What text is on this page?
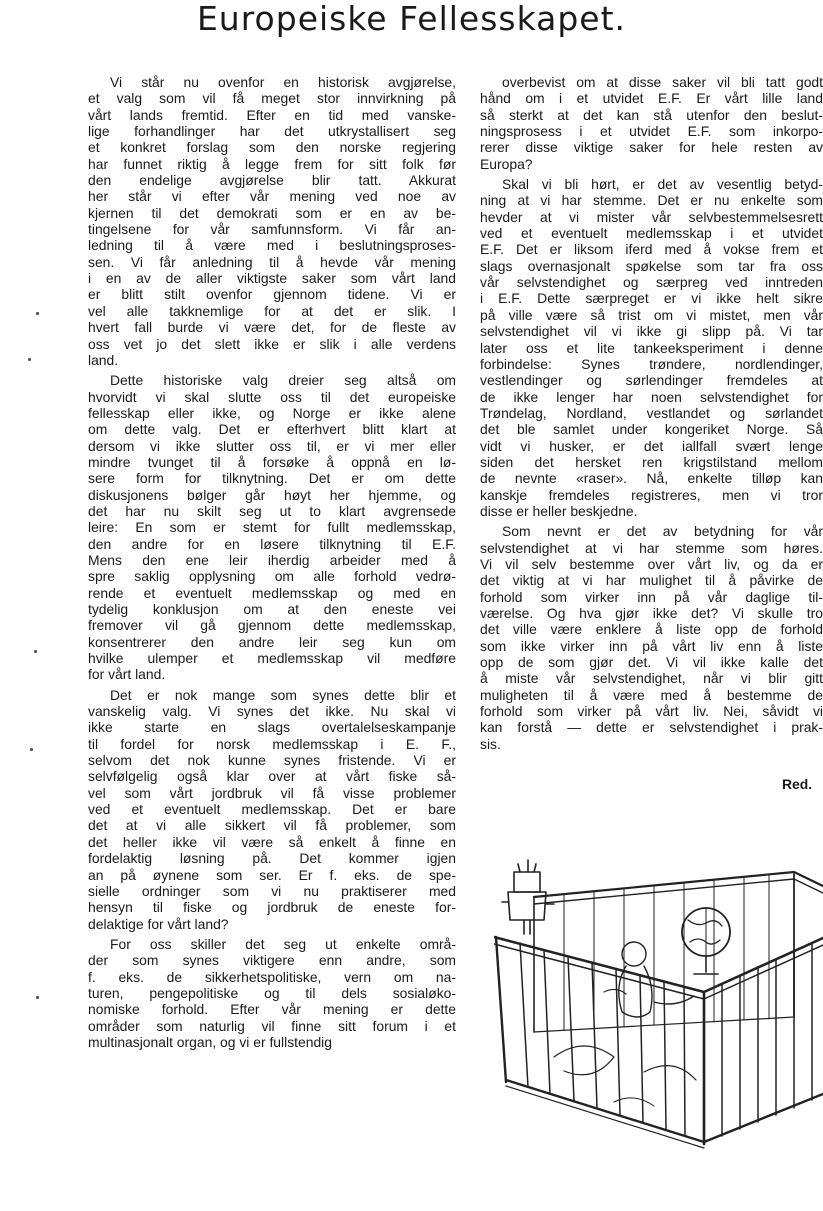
Europeiske Fellesskapet.
Vi står nu ovenfor en historisk avgjørelse,
et valg som vil få meget stor innvirkning på
vårt lands fremtid. Efter en tid med vanske-
lige forhandlinger har det utkrystallisert seg
et konkret forslag som den norske regjering
har funnet riktig å legge frem for sitt folk før
den endelige avgjørelse blir tatt. Akkurat
her står vi efter vår mening ved noe av
kjernen til det demokrati som er en av be-
tingelsene for vår samfunnsform. Vi får an-
ledning til å være med i beslutningsproses-
sen. Vi får anledning til å hevde vår mening
i en av de aller viktigste saker som vårt land
er blitt stilt ovenfor gjennom tidene. Vi er
vel alle takknemlige for at det er slik. I
hvert fall burde vi være det, for de fleste av
oss vet jo det slett ikke er slik i alle verdens
land.
Dette historiske valg dreier seg altså om
hvorvidt vi skal slutte oss til det europeiske
fellesskap eller ikke, og Norge er ikke alene
om dette valg. Det er efterhvert blitt klart at
dersom vi ikke slutter oss til, er vi mer eller
mindre tvunget til å forsøke å oppnå en lø-
sere form for tilknytning. Det er om dette
diskusjonens bølger går høyt her hjemme, og
det har nu skilt seg ut to klart avgrensede
leire: En som er stemt for fullt medlemsskap,
den andre for en løsere tilknytning til E.F.
Mens den ene leir iherdig arbeider med å
spre saklig opplysning om alle forhold vedrø-
rende et eventuelt medlemsskap og med en
tydelig konklusjon om at den eneste vei
fremover vil gå gjennom dette medlemsskap,
konsentrerer den andre leir seg kun om
hvilke ulemper et medlemsskap vil medføre
for vårt land.
Det er nok mange som synes dette blir et
vanskelig valg. Vi synes det ikke. Nu skal vi
ikke starte en slags overtalelseskampanje
til fordel for norsk medlemsskap i E. F.,
selvom det nok kunne synes fristende. Vi er
selvfølgelig også klar over at vårt fiske så-
vel som vårt jordbruk vil få visse problemer
ved et eventuelt medlemsskap. Det er bare
det at vi alle sikkert vil få problemer, som
det heller ikke vil være så enkelt å finne en
fordelaktig løsning på. Det kommer igjen
an på øynene som ser. Er f. eks. de spe-
sielle ordninger som vi nu praktiserer med
hensyn til fiske og jordbruk de eneste for-
delaktige for vårt land?
For oss skiller det seg ut enkelte områ-
der som synes viktigere enn andre, som
f. eks. de sikkerhetspolitiske, vern om na-
turen, pengepolitiske og til dels sosialøko-
nomiske forhold. Efter vår mening er dette
områder som naturlig vil finne sitt forum i et
multinasjonalt organ, og vi er fullstendig
overbevist om at disse saker vil bli tatt godt
hånd om i et utvidet E.F. Er vårt lille land
så sterkt at det kan stå utenfor den beslut-
ningsprosess i et utvidet E.F. som inkorpo-
rerer disse viktige saker for hele resten av
Europa?
Skal vi bli hørt, er det av vesentlig betyd-
ning at vi har stemme. Det er nu enkelte som
hevder at vi mister vår selvbestemmelsesrett
ved et eventuelt medlemsskap i et utvidet
E.F. Det er liksom iferd med å vokse frem et
slags overnasjonalt spøkelse som tar fra oss
vår selvstendighet og særpreg ved inntreden
i E.F. Dette særpreget er vi ikke helt sikre
på ville være så trist om vi mistet, men vår
selvstendighet vil vi ikke gi slipp på. Vi tar
later oss et lite tankeeksperiment i denne
forbindelse: Synes trøndere, nordlendinger,
vestlendinger og sørlendinger fremdeles at
de ikke lenger har noen selvstendighet for
Trøndelag, Nordland, vestlandet og sørlandet
det ble samlet under kongeriket Norge. Så
vidt vi husker, er det iallfall svært lenge
siden det hersket ren krigstilstand mellom
de nevnte «raser». Nå, enkelte tilløp kan
kanskje fremdeles registreres, men vi tror
disse er heller beskjedne.
Som nevnt er det av betydning for vår
selvstendighet at vi har stemme som høres.
Vi vil selv bestemme over vårt liv, og da er
det viktig at vi har mulighet til å påvirke de
forhold som virker inn på vår daglige til-
værelse. Og hva gjør ikke det? Vi skulle tro
det ville være enklere å liste opp de forhold
som ikke virker inn på vårt liv enn å liste
opp de som gjør det. Vi vil ikke kalle det
å miste vår selvstendighet, når vi blir gitt
muligheten til å være med å bestemme de
forhold som virker på vårt liv. Nei, såvidt vi
kan forstå — dette er selvstendighet i prak-
sis.
Red.
